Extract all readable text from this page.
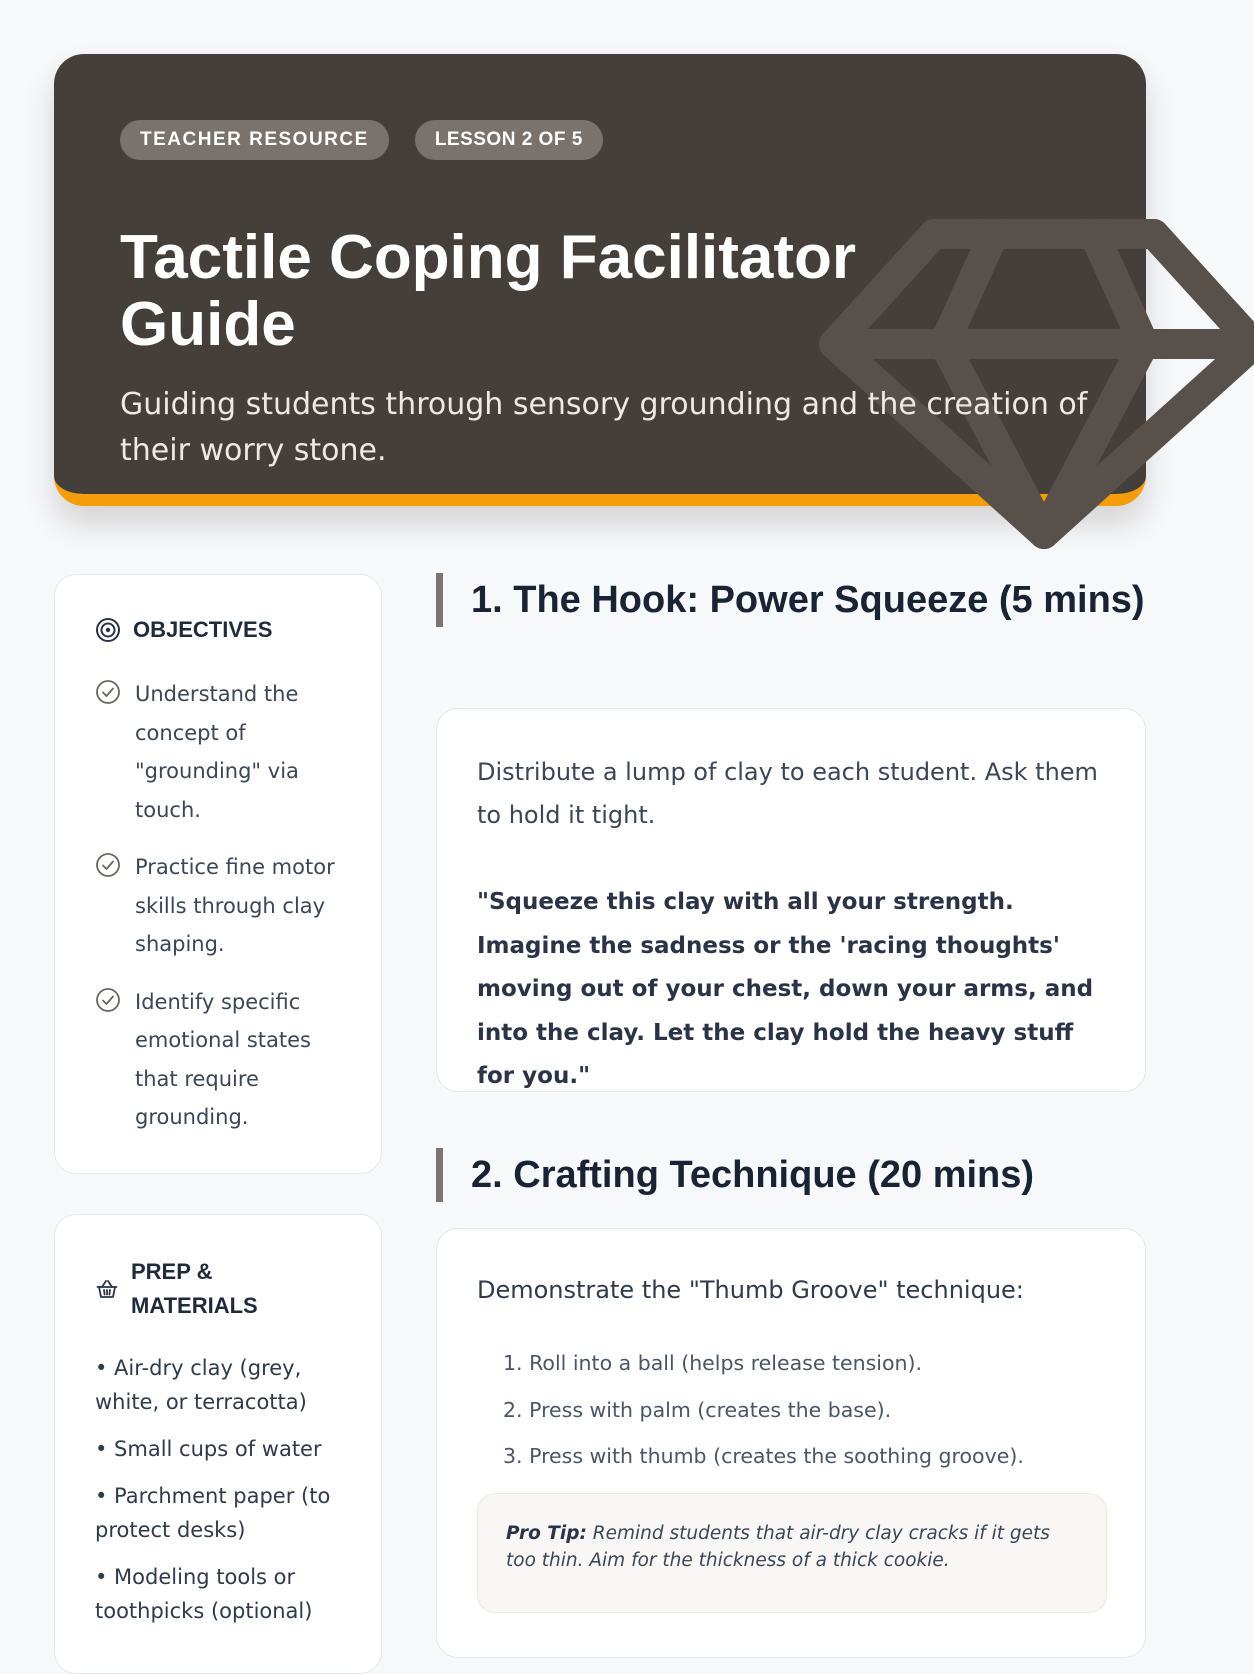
TEACHER RESOURCE	LESSON 2 OF 5
Tactile Coping Facilitator Guide

Guiding students through sensory grounding and the creation of their worry stone.

OBJECTIVES
Understand the concept of "grounding" via touch.
Practice fine motor skills through clay shaping.
Identify specific emotional states that require grounding.
PREP & MATERIALS
• Air-dry clay (grey, white, or terracotta)
• Small cups of water
• Parchment paper (to protect desks)
• Modeling tools or toothpicks (optional)
1. The Hook: Power Squeeze (5 mins)

Distribute a lump of clay to each student. Ask them to hold it tight.

"Squeeze this clay with all your strength. Imagine the sadness or the 'racing thoughts' moving out of your chest, down your arms, and into the clay. Let the clay hold the heavy stuff for you."

2. Crafting Technique (20 mins)

Demonstrate the "Thumb Groove" technique:

1. Roll into a ball (helps release tension).
2. Press with palm (creates the base).
3. Press with thumb (creates the soothing groove).
Pro Tip: Remind students that air-dry clay cracks if it gets too thin. Aim for the thickness of a thick cookie.
